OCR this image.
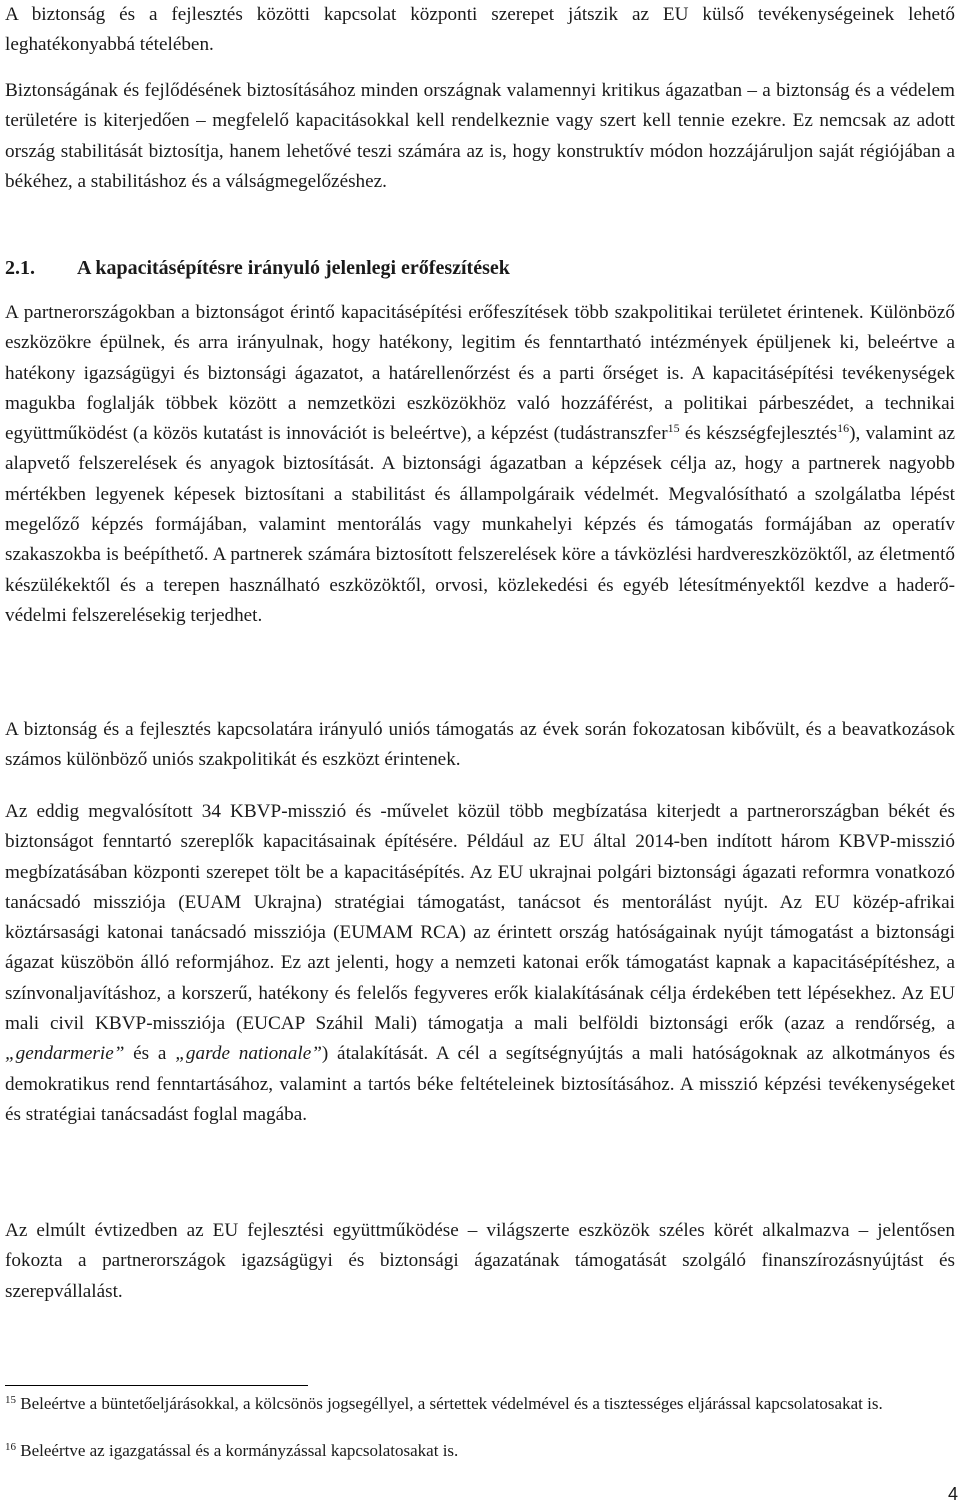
A biztonság és a fejlesztés közötti kapcsolat központi szerepet játszik az EU külső tevékenységeinek lehető leghatékonyabbá tételében.

Biztonságának és fejlődésének biztosításához minden országnak valamennyi kritikus ágazatban – a biztonság és a védelem területére is kiterjedően – megfelelő kapacitásokkal kell rendelkeznie vagy szert kell tennie ezekre. Ez nemcsak az adott ország stabilitását biztosítja, hanem lehetővé teszi számára az is, hogy konstruktív módon hozzájáruljon saját régiójában a békéhez, a stabilitáshoz és a válságmegelőzéshez.

2.1. A kapacitásépítésre irányuló jelenlegi erőfeszítések

A partnerországokban a biztonságot érintő kapacitásépítési erőfeszítések több szakpolitikai területet érintenek. Különböző eszközökre épülnek, és arra irányulnak, hogy hatékony, legitim és fenntartható intézmények épüljenek ki, beleértve a hatékony igazságügyi és biztonsági ágazatot, a határellenőrzést és a parti őrséget is. A kapacitásépítési tevékenységek magukba foglalják többek között a nemzetközi eszközökhöz való hozzáférést, a politikai párbeszédet, a technikai együttműködést (a közös kutatást is innovációt is beleértve), a képzést (tudástranszfer$^{15}$ és készségfejlesztés$^{16}$), valamint az alapvető felszerelések és anyagok biztosítását. A biztonsági ágazatban a képzések célja az, hogy a partnerek nagyobb mértékben legyenek képesek biztosítani a stabilitást és állampolgáraik védelmét. Megvalósítható a szolgálatba lépést megelőző képzés formájában, valamint mentorálás vagy munkahelyi képzés és támogatás formájában az operatív szakaszokba is beépíthető. A partnerek számára biztosított felszerelések köre a távközlési hardvereszközöktől, az életmentő készülékektől és a terepen használható eszközöktől, orvosi, közlekedési és egyéb létesítményektől kezdve a haderő-védelmi felszerelésekig terjedhet.

A biztonság és a fejlesztés kapcsolatára irányuló uniós támogatás az évek során fokozatosan kibővült, és a beavatkozások számos különböző uniós szakpolitikát és eszközt érintenek.

Az eddig megvalósított 34 KBVP-misszió és -művelet közül több megbízatása kiterjedt a partnerországban békét és biztonságot fenntartó szereplők kapacitásainak építésére. Például az EU által 2014-ben indított három KBVP-misszió megbízatásában központi szerepet tölt be a kapacitásépítés. Az EU ukrajnai polgári biztonsági ágazati reformra vonatkozó tanácsadó missziója (EUAM Ukrajna) stratégiai támogatást, tanácsot és mentorálást nyújt. Az EU közép-afrikai köztársasági katonai tanácsadó missziója (EUMAM RCA) az érintett ország hatóságainak nyújt támogatást a biztonsági ágazat küszöbön álló reformjához. Ez azt jelenti, hogy a nemzeti katonai erők támogatást kapnak a kapacitásépítéshez, a színvonaljavításhoz, a korszerű, hatékony és felelős fegyveres erők kialakításának célja érdekében tett lépésekhez. Az EU mali civil KBVP-missziója (EUCAP Száhil Mali) támogatja a mali belföldi biztonsági erők (azaz a rendőrség, a „gendarmerie” és a „garde nationale”) átalakítását. A cél a segítségnyújtás a mali hatóságoknak az alkotmányos és demokratikus rend fenntartásához, valamint a tartós béke feltételeinek biztosításához. A misszió képzési tevékenységeket és stratégiai tanácsadást foglal magába.

Az elmúlt évtizedben az EU fejlesztési együttműködése – világszerte eszközök széles körét alkalmazva – jelentősen fokozta a partnerországok igazságügyi és biztonsági ágazatának támogatását szolgáló finanszírozásnyújtást és szerepvállalást.

$^{15}$ Beleértve a büntetőeljárásokkal, a kölcsönös jogsegéllyel, a sértettek védelmével és a tisztességes eljárással kapcsolatosakat is.

$^{16}$ Beleértve az igazgatással és a kormányzással kapcsolatosakat is.

4
